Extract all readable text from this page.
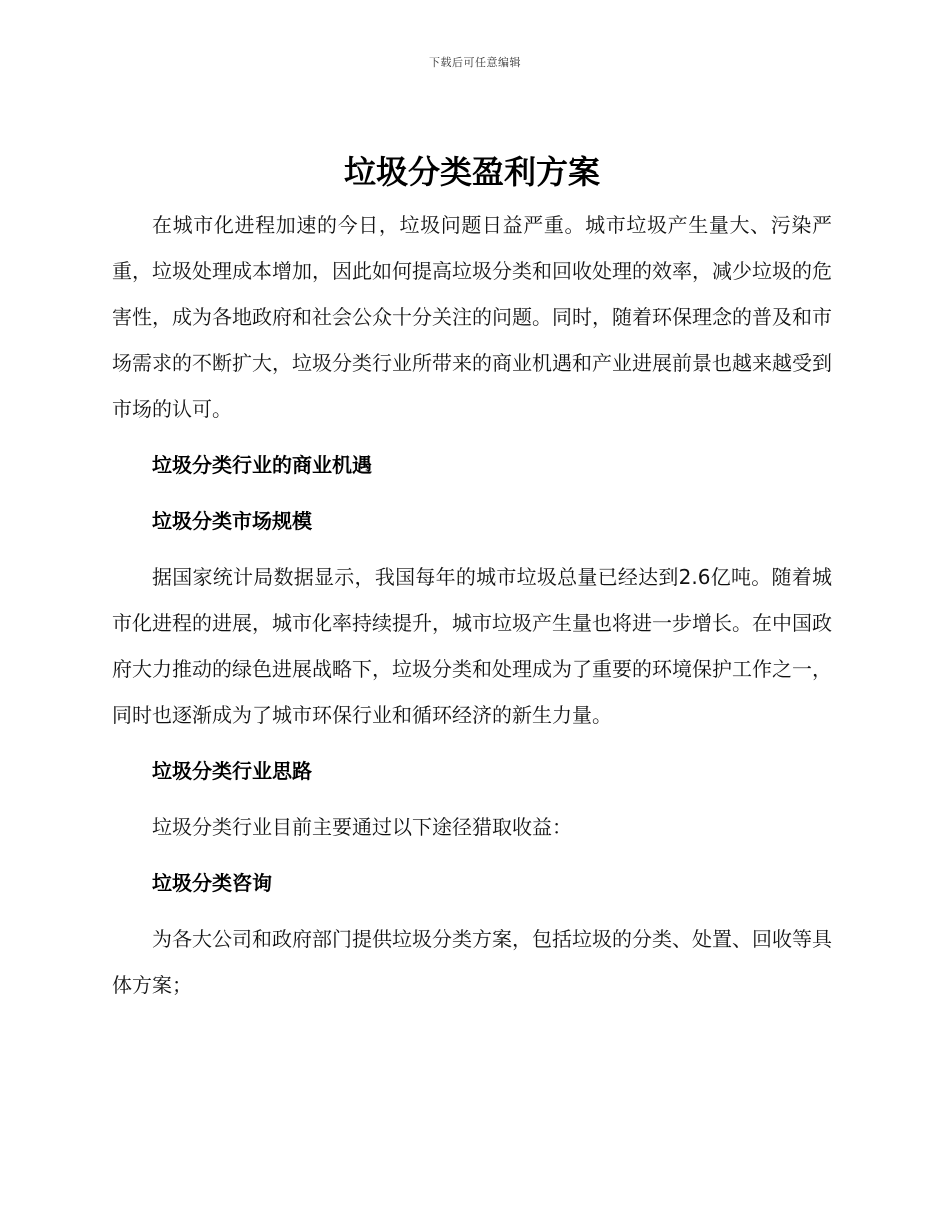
下载后可任意编辑
垃圾分类盈利方案

在城市化进程加速的今日，垃圾问题日益严重。城市垃圾产生量大、污染严重，垃圾处理成本增加，因此如何提高垃圾分类和回收处理的效率，减少垃圾的危害性，成为各地政府和社会公众十分关注的问题。同时，随着环保理念的普及和市场需求的不断扩大，垃圾分类行业所带来的商业机遇和产业进展前景也越来越受到市场的认可。

垃圾分类行业的商业机遇

垃圾分类市场规模

据国家统计局数据显示，我国每年的城市垃圾总量已经达到2.6亿吨。随着城市化进程的进展，城市化率持续提升，城市垃圾产生量也将进一步增长。在中国政府大力推动的绿色进展战略下，垃圾分类和处理成为了重要的环境保护工作之一，同时也逐渐成为了城市环保行业和循环经济的新生力量。

垃圾分类行业思路

垃圾分类行业目前主要通过以下途径猎取收益：

垃圾分类咨询

为各大公司和政府部门提供垃圾分类方案，包括垃圾的分类、处置、回收等具体方案；
